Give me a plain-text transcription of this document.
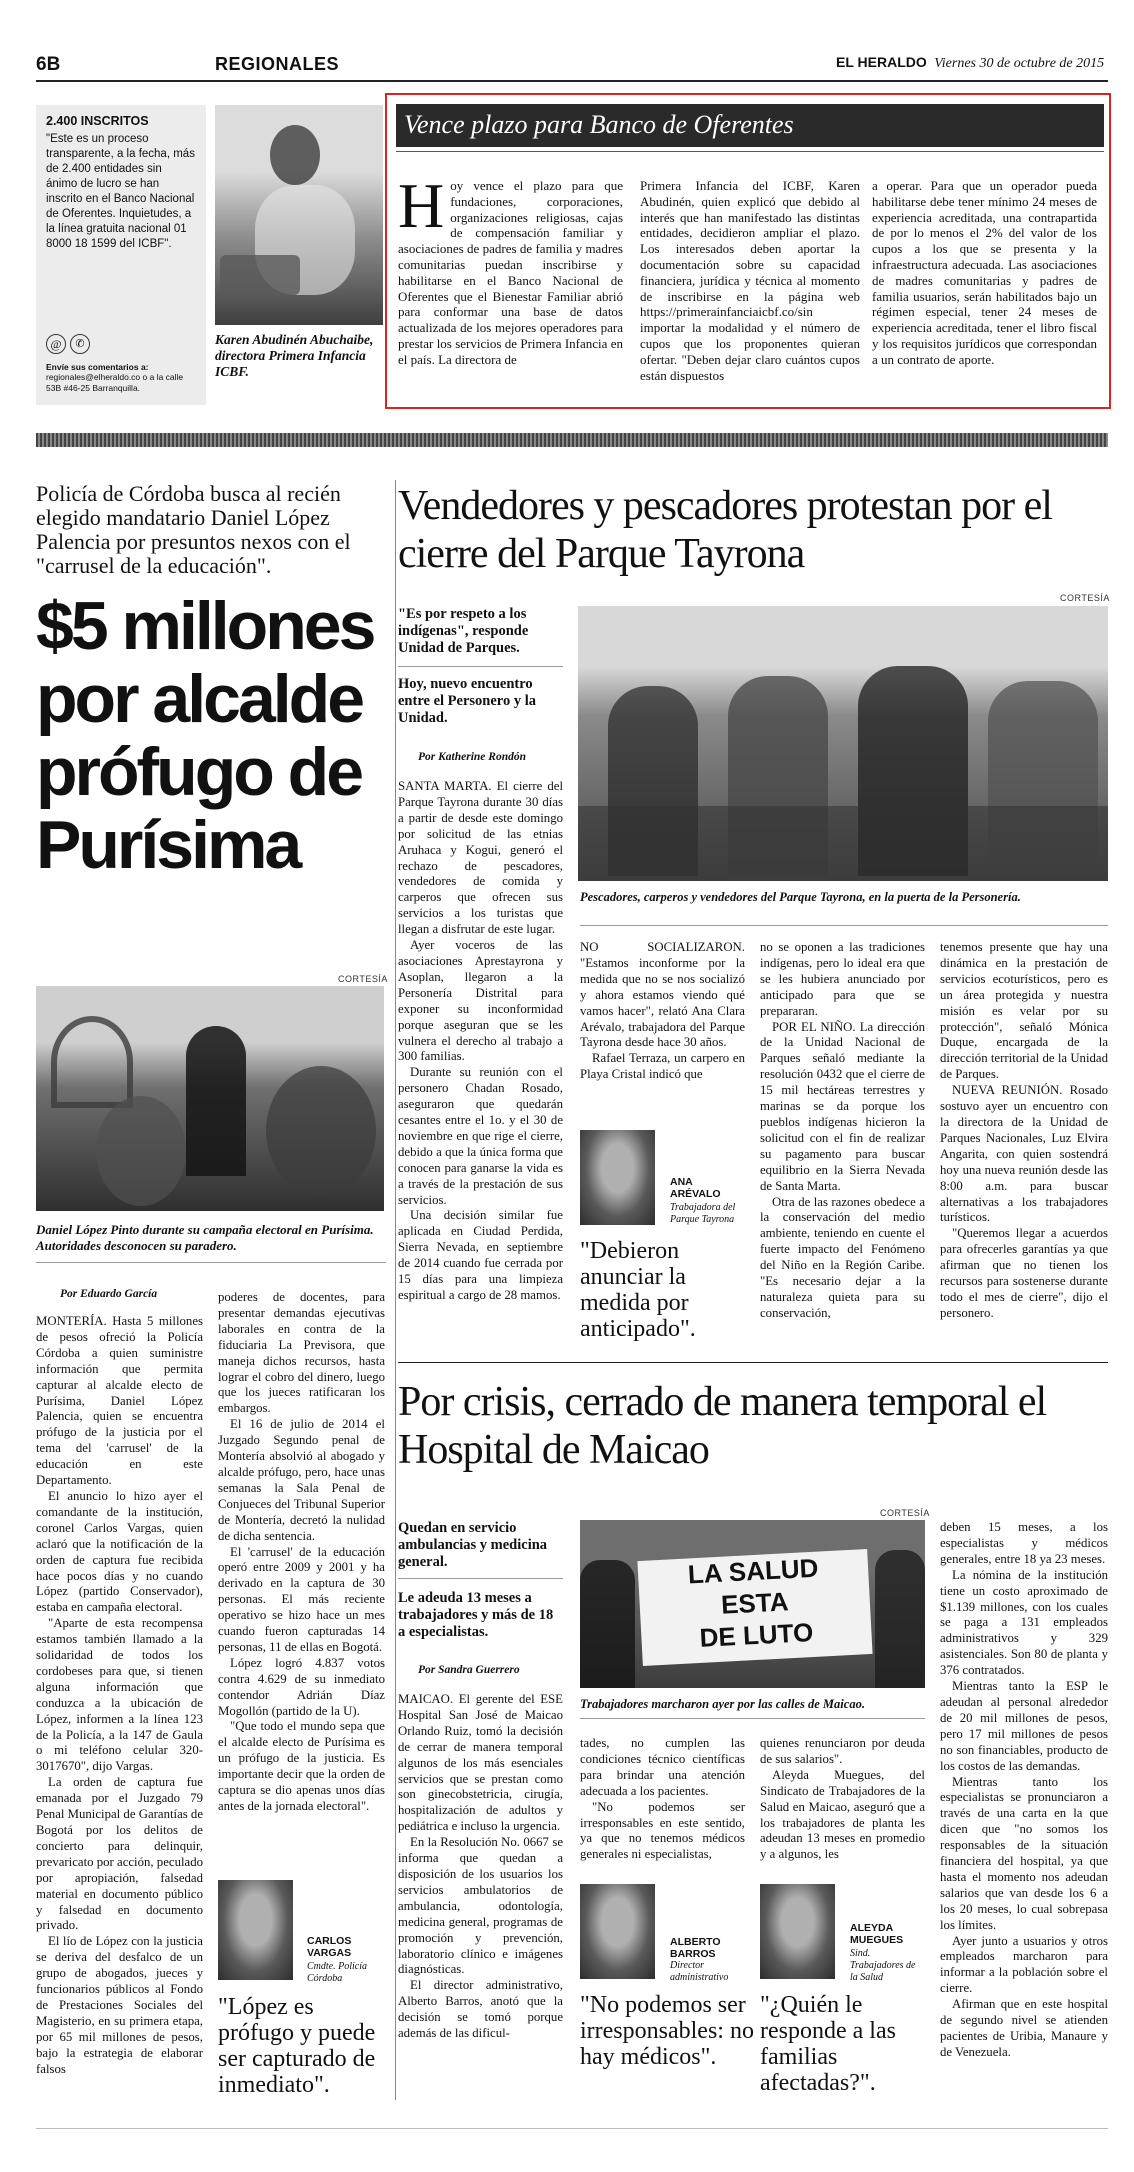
6B	REGIONALES	EL HERALDO Viernes 30 de octubre de 2015
2.400 INSCRITOS
"Este es un proceso transparente, a la fecha, más de 2.400 entidades sin ánimo de lucro se han inscrito en el Banco Nacional de Oferentes. Inquietudes, a la línea gratuita nacional 01 8000 18 1599 del ICBF".
@	✆
Envíe sus comentarios a:
regionales@elheraldo.co o a la calle 53B #46-25 Barranquilla.
Karen Abudinén Abuchaibe, directora Primera Infancia ICBF.
Vence plazo para Banco de Oferentes
H oy vence el plazo para que fundaciones, corporaciones, organizaciones religiosas, cajas de compensación familiar y asociaciones de padres de familia y madres comunitarias puedan inscribirse y habilitarse en el Banco Nacional de Oferentes que el Bienestar Familiar abrió para conformar una base de datos actualizada de los mejores operadores para prestar los servicios de Primera Infancia en el país. La directora de
Primera Infancia del ICBF, Karen Abudinén, quien explicó que debido al interés que han manifestado las distintas entidades, decidieron ampliar el plazo. Los interesados deben aportar la documentación sobre su capacidad financiera, jurídica y técnica al momento de inscribirse en la página web https://primerainfanciaicbf.co/sin importar la modalidad y el número de cupos que los proponentes quieran ofertar. "Deben dejar claro cuántos cupos están dispuestos
a operar. Para que un operador pueda habilitarse debe tener mínimo 24 meses de experiencia acreditada, una contrapartida de por lo menos el 2% del valor de los cupos a los que se presenta y la infraestructura adecuada. Las asociaciones de madres comunitarias y padres de familia usuarios, serán habilitados bajo un régimen especial, tener 24 meses de experiencia acreditada, tener el libro fiscal y los requisitos jurídicos que correspondan a un contrato de aporte.
Policía de Córdoba busca al recién elegido mandatario Daniel López Palencia por presuntos nexos con el "carrusel de la educación".
$5 millones por alcalde prófugo de Purísima
CORTESÍA
Daniel López Pinto durante su campaña electoral en Purísima. Autoridades desconocen su paradero.
Por Eduardo García

MONTERÍA. Hasta 5 millones de pesos ofreció la Policía Córdoba a quien suministre información que permita capturar al alcalde electo de Purísima, Daniel López Palencia, quien se encuentra prófugo de la justicia por el tema del 'carrusel' de la educación en este Departamento.

El anuncio lo hizo ayer el comandante de la institución, coronel Carlos Vargas, quien aclaró que la notificación de la orden de captura fue recibida hace pocos días y no cuando López (partido Conservador), estaba en campaña electoral.

"Aparte de esta recompensa estamos también llamado a la solidaridad de todos los cordobeses para que, si tienen alguna información que conduzca a la ubicación de López, informen a la línea 123 de la Policía, a la 147 de Gaula o mi teléfono celular 320-3017670", dijo Vargas.

La orden de captura fue emanada por el Juzgado 79 Penal Municipal de Garantías de Bogotá por los delitos de concierto para delinquir, prevaricato por acción, peculado por apropiación, falsedad material en documento público y falsedad en documento privado.

El lío de López con la justicia se deriva del desfalco de un grupo de abogados, jueces y funcionarios públicos al Fondo de Prestaciones Sociales del Magisterio, en su primera etapa, por 65 mil millones de pesos, bajo la estrategia de elaborar falsos

poderes de docentes, para presentar demandas ejecutivas laborales en contra de la fiduciaria La Previsora, que maneja dichos recursos, hasta lograr el cobro del dinero, luego que los jueces ratificaran los embargos.

El 16 de julio de 2014 el Juzgado Segundo penal de Montería absolvió al abogado y alcalde prófugo, pero, hace unas semanas la Sala Penal de Conjueces del Tribunal Superior de Montería, decretó la nulidad de dicha sentencia.

El 'carrusel' de la educación operó entre 2009 y 2001 y ha derivado en la captura de 30 personas. El más reciente operativo se hizo hace un mes cuando fueron capturadas 14 personas, 11 de ellas en Bogotá.

López logró 4.837 votos contra 4.629 de su inmediato contendor Adrián Díaz Mogollón (partido de la U).

"Que todo el mundo sepa que el alcalde electo de Purísima es un prófugo de la justicia. Es importante decir que la orden de captura se dio apenas unos días antes de la jornada electoral".

CARLOS VARGAS
Cmdte. Policía Córdoba
"López es prófugo y puede ser capturado de inmediato".
Vendedores y pescadores protestan por el cierre del Parque Tayrona
"Es por respeto a los indígenas", responde Unidad de Parques.
Hoy, nuevo encuentro entre el Personero y la Unidad.
Por Katherine Rondón
CORTESÍA
Pescadores, carperos y vendedores del Parque Tayrona, en la puerta de la Personería.

SANTA MARTA. El cierre del Parque Tayrona durante 30 días a partir de desde este domingo por solicitud de las etnias Aruhaca y Kogui, generó el rechazo de pescadores, vendedores de comida y carperos que ofrecen sus servicios a los turistas que llegan a disfrutar de este lugar.

Ayer voceros de las asociaciones Aprestayrona y Asoplan, llegaron a la Personería Distrital para exponer su inconformidad porque aseguran que se les vulnera el derecho al trabajo a 300 familias.

Durante su reunión con el personero Chadan Rosado, aseguraron que quedarán cesantes entre el 1o. y el 30 de noviembre en que rige el cierre, debido a que la única forma que conocen para ganarse la vida es a través de la prestación de sus servicios.

Una decisión similar fue aplicada en Ciudad Perdida, Sierra Nevada, en septiembre de 2014 cuando fue cerrada por 15 días para una limpieza espiritual a cargo de 28 mamos.

NO SOCIALIZARON. "Estamos inconforme por la medida que no se nos socializó y ahora estamos viendo qué vamos hacer", relató Ana Clara Arévalo, trabajadora del Parque Tayrona desde hace 30 años.

Rafael Terraza, un carpero en Playa Cristal indicó que

ANA ARÉVALO
Trabajadora del Parque Tayrona
"Debieron anunciar la medida por anticipado".

no se oponen a las tradiciones indígenas, pero lo ideal era que se les hubiera anunciado por anticipado para que se prepararan.

POR EL NIÑO. La dirección de la Unidad Nacional de Parques señaló mediante la resolución 0432 que el cierre de 15 mil hectáreas terrestres y marinas se da porque los pueblos indígenas hicieron la solicitud con el fin de realizar su pagamento para buscar equilibrio en la Sierra Nevada de Santa Marta.

Otra de las razones obedece a la conservación del medio ambiente, teniendo en cuente el fuerte impacto del Fenómeno del Niño en la Región Caribe. "Es necesario dejar a la naturaleza quieta para su conservación,

tenemos presente que hay una dinámica en la prestación de servicios ecoturísticos, pero es un área protegida y nuestra misión es velar por su protección", señaló Mónica Duque, encargada de la dirección territorial de la Unidad de Parques.

NUEVA REUNIÓN. Rosado sostuvo ayer un encuentro con la directora de la Unidad de Parques Nacionales, Luz Elvira Angarita, con quien sostendrá hoy una nueva reunión desde las 8:00 a.m. para buscar alternativas a los trabajadores turísticos.

"Queremos llegar a acuerdos para ofrecerles garantías ya que afirman que no tienen los recursos para sostenerse durante todo el mes de cierre", dijo el personero.

Por crisis, cerrado de manera temporal el Hospital de Maicao
Quedan en servicio ambulancias y medicina general.
Le adeuda 13 meses a trabajadores y más de 18 a especialistas.
Por Sandra Guerrero
CORTESÍA
LA SALUD
ESTA
DE LUTO
Trabajadores marcharon ayer por las calles de Maicao.

MAICAO. El gerente del ESE Hospital San José de Maicao Orlando Ruiz, tomó la decisión de cerrar de manera temporal algunos de los más esenciales servicios que se prestan como son ginecobstetricia, cirugía, hospitalización de adultos y pediátrica e incluso la urgencia.

En la Resolución No. 0667 se informa que quedan a disposición de los usuarios los servicios ambulatorios de ambulancia, odontología, medicina general, programas de promoción y prevención, laboratorio clínico e imágenes diagnósticas.

El director administrativo, Alberto Barros, anotó que la decisión se tomó porque además de las dificul-

tades, no cumplen las condiciones técnico científicas para brindar una atención adecuada a los pacientes.

"No podemos ser irresponsables en este sentido, ya que no tenemos médicos generales ni especialistas,

quienes renunciaron por deuda de sus salarios".

Aleyda Muegues, del Sindicato de Trabajadores de la Salud en Maicao, aseguró que a los trabajadores de planta les adeudan 13 meses en promedio y a algunos, les

ALBERTO BARROS
Director administrativo
"No podemos ser irresponsables: no hay médicos".
ALEYDA MUEGUES
Sind. Trabajadores de la Salud
"¿Quién le responde a las familias afectadas?".

deben 15 meses, a los especialistas y médicos generales, entre 18 ya 23 meses.

La nómina de la institución tiene un costo aproximado de $1.139 millones, con los cuales se paga a 131 empleados administrativos y 329 asistenciales. Son 80 de planta y 376 contratados.

Mientras tanto la ESP le adeudan al personal alrededor de 20 mil millones de pesos, pero 17 mil millones de pesos no son financiables, producto de los costos de las demandas.

Mientras tanto los especialistas se pronunciaron a través de una carta en la que dicen que "no somos los responsables de la situación financiera del hospital, ya que hasta el momento nos adeudan salarios que van desde los 6 a los 20 meses, lo cual sobrepasa los límites.

Ayer junto a usuarios y otros empleados marcharon para informar a la población sobre el cierre.

Afirman que en este hospital de segundo nivel se atienden pacientes de Uribia, Manaure y de Venezuela.
